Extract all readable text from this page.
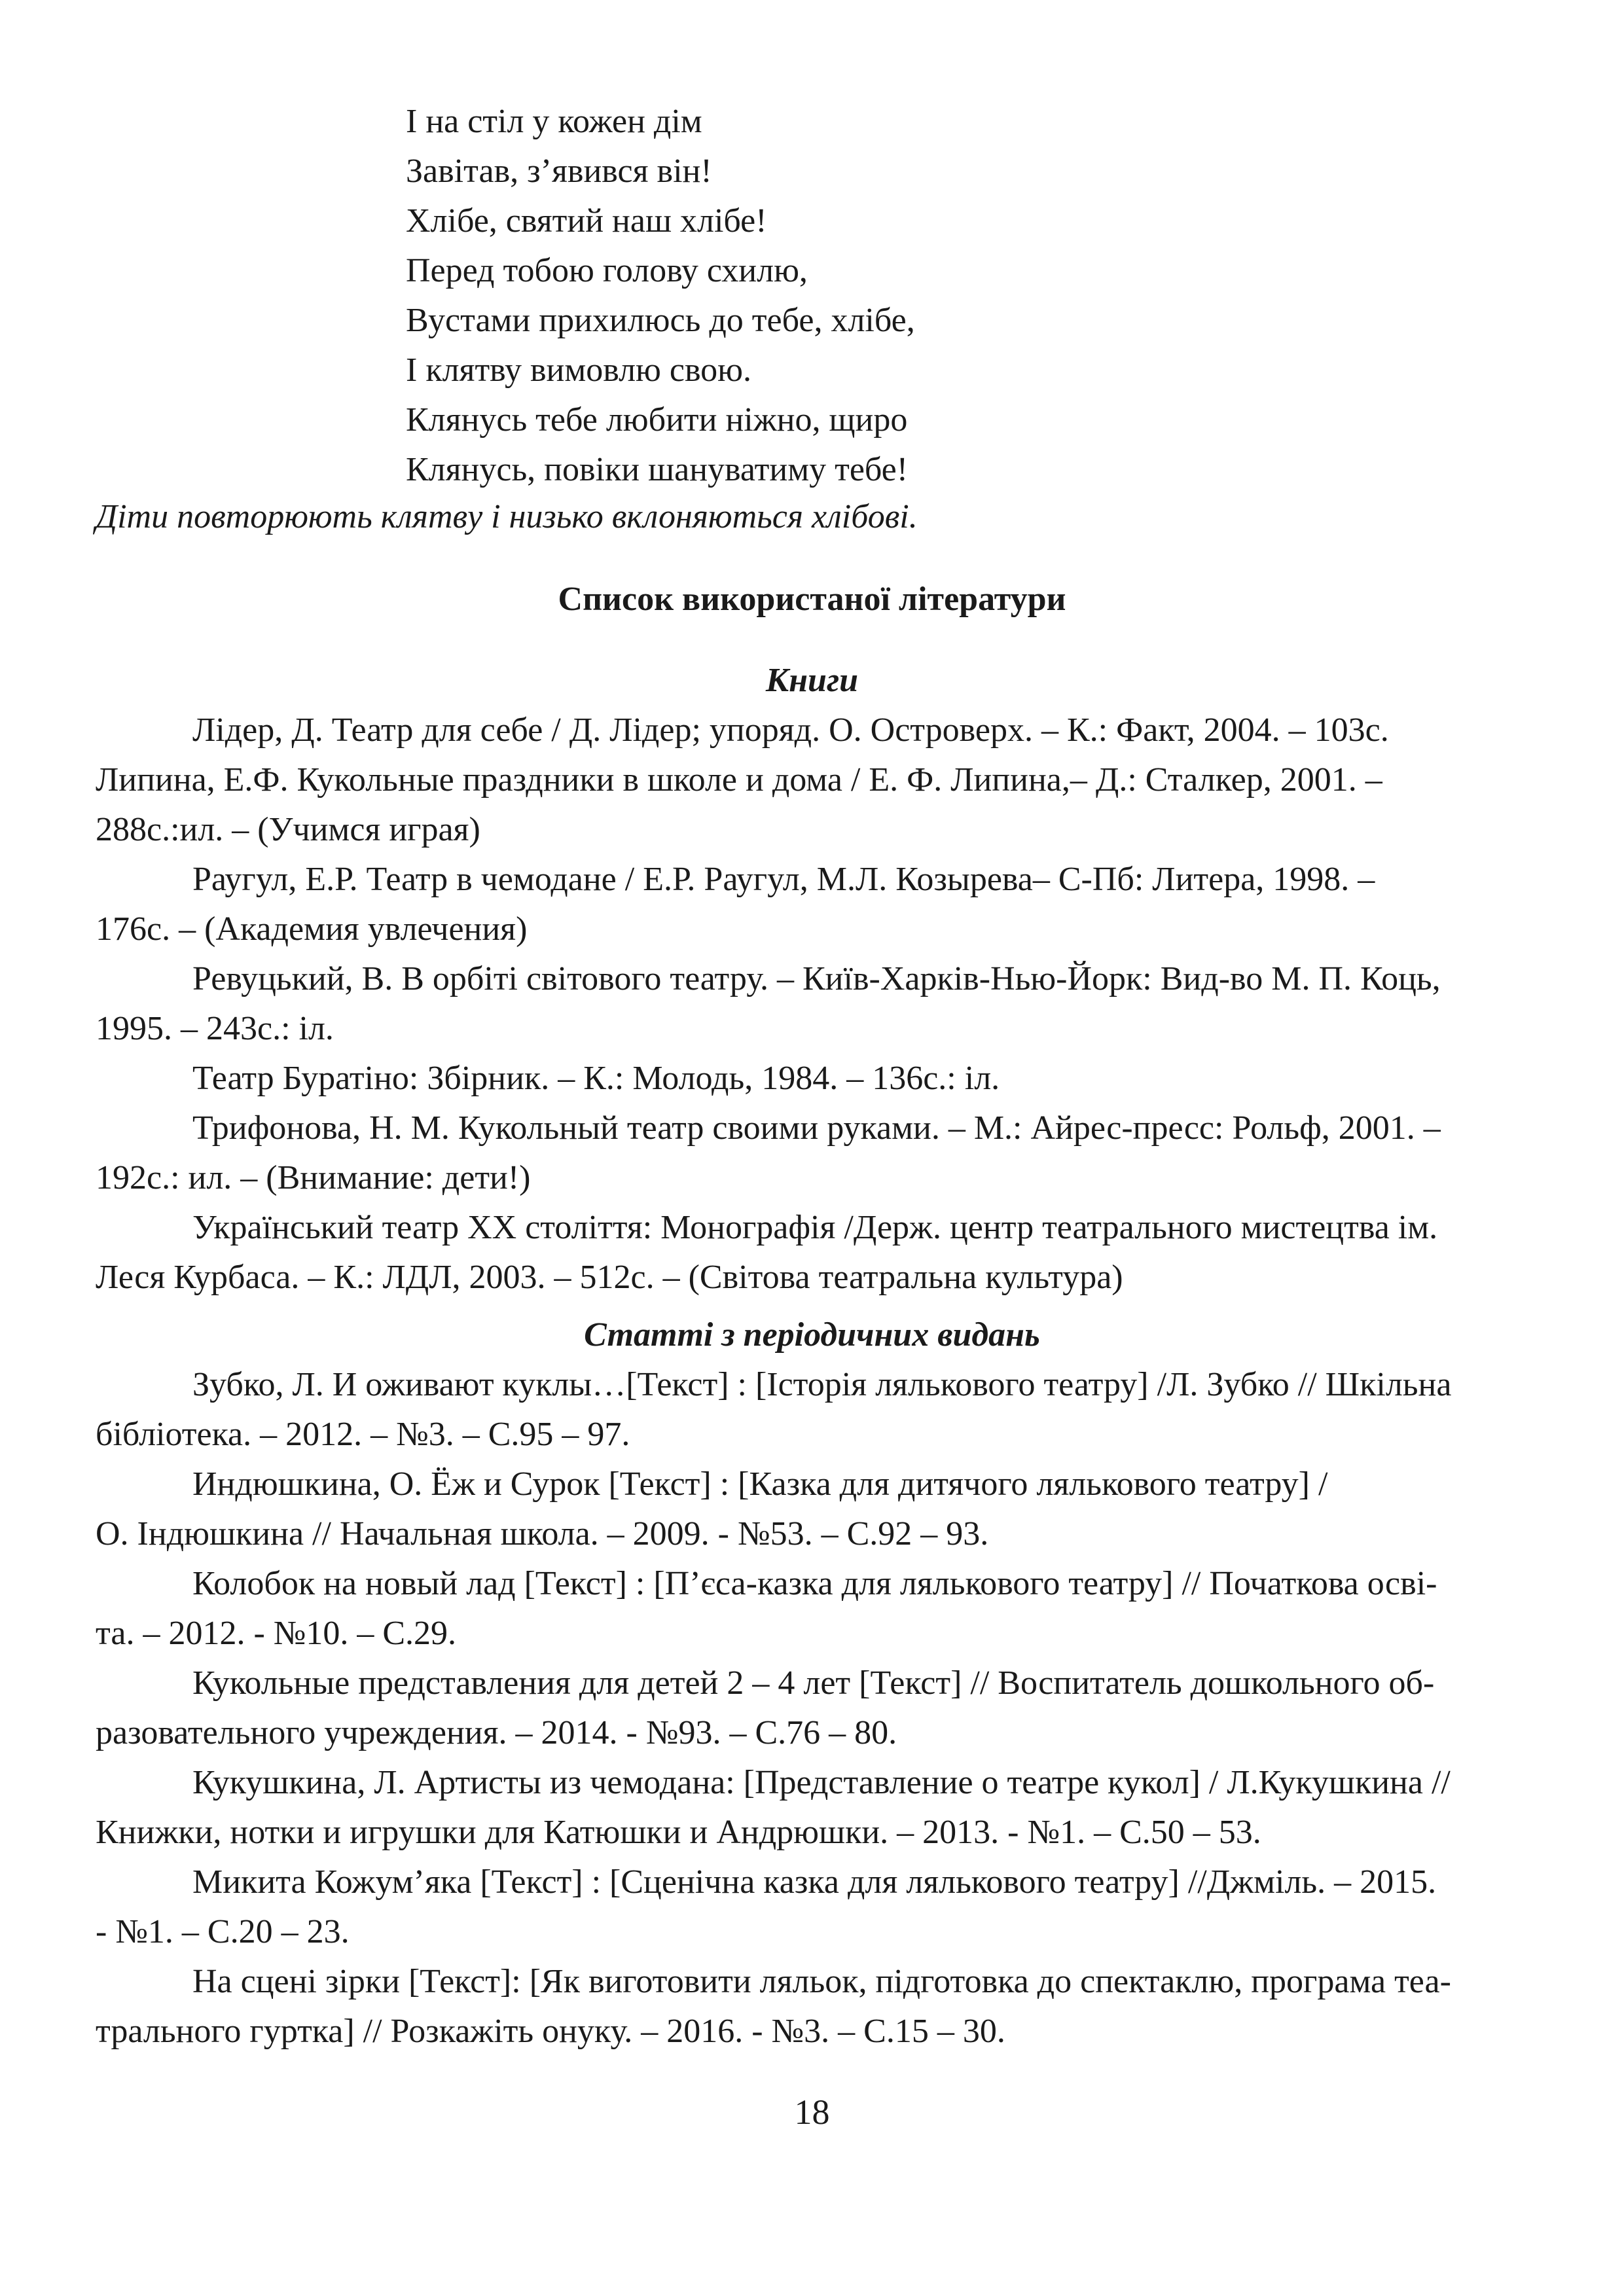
І на стіл у кожен дім
Завітав, з’явився він!
Хлібе, святий наш хлібе!
Перед тобою голову схилю,
Вустами прихилюсь до тебе, хлібе,
І клятву вимовлю свою.
Клянусь тебе любити ніжно, щиро
Клянусь, повіки шануватиму тебе!
Діти повторюють клятву і низько вклоняються хлібові.
Список використаної літератури
Книги
Лідер, Д. Театр для себе / Д. Лідер; упоряд. О. Островерх. – К.: Факт, 2004. – 103с.
Липина, Е.Ф. Кукольные праздники в школе и дома / Е. Ф. Липина,– Д.: Сталкер, 2001. –
288с.:ил. – (Учимся играя)
Раугул, Е.Р. Театр в чемодане / Е.Р. Раугул, М.Л. Козырева– С-Пб: Литера, 1998. –
176с. – (Академия увлечения)
Ревуцький, В. В орбіті світового театру. – Київ-Харків-Нью-Йорк: Вид-во М. П. Коць,
1995. – 243с.: іл.
Театр Буратіно: Збірник. – К.: Молодь, 1984. – 136с.: іл.
Трифонова, Н. М. Кукольный театр своими руками. – М.: Айрес-пресс: Рольф, 2001. –
192с.: ил. – (Внимание: дети!)
Український театр ХХ століття: Монографія /Держ. центр театрального мистецтва ім.
Леся Курбаса. – К.: ЛДЛ, 2003. – 512с. – (Світова театральна культура)
Статті з періодичних видань
Зубко, Л. И оживают куклы…[Текст] : [Історія лялькового театру] /Л. Зубко // Шкільна
бібліотека. – 2012. – №3. – С.95 – 97.
Индюшкина, О. Ёж и Сурок [Текст] : [Казка для дитячого лялькового театру] /
О. Індюшкина // Начальная школа. – 2009. - №53. – С.92 – 93.
Колобок на новый лад [Текст] : [П’єса-казка для лялькового театру] // Початкова осві-
та. – 2012. - №10. – С.29.
Кукольные представления для детей 2 – 4 лет [Текст] // Воспитатель дошкольного об-
разовательного учреждения. – 2014. - №93. – С.76 – 80.
Кукушкина, Л. Артисты из чемодана: [Представление о театре кукол] / Л.Кукушкина //
Книжки, нотки и игрушки для Катюшки и Андрюшки. – 2013. - №1. – С.50 – 53.
Микита Кожум’яка [Текст] : [Сценічна казка для лялькового театру] //Джміль. – 2015.
- №1. – С.20 – 23.
На сцені зірки [Текст]: [Як виготовити ляльок, підготовка до спектаклю, програма теа-
трального гуртка] // Розкажіть онуку. – 2016. - №3. – С.15 – 30.
18
